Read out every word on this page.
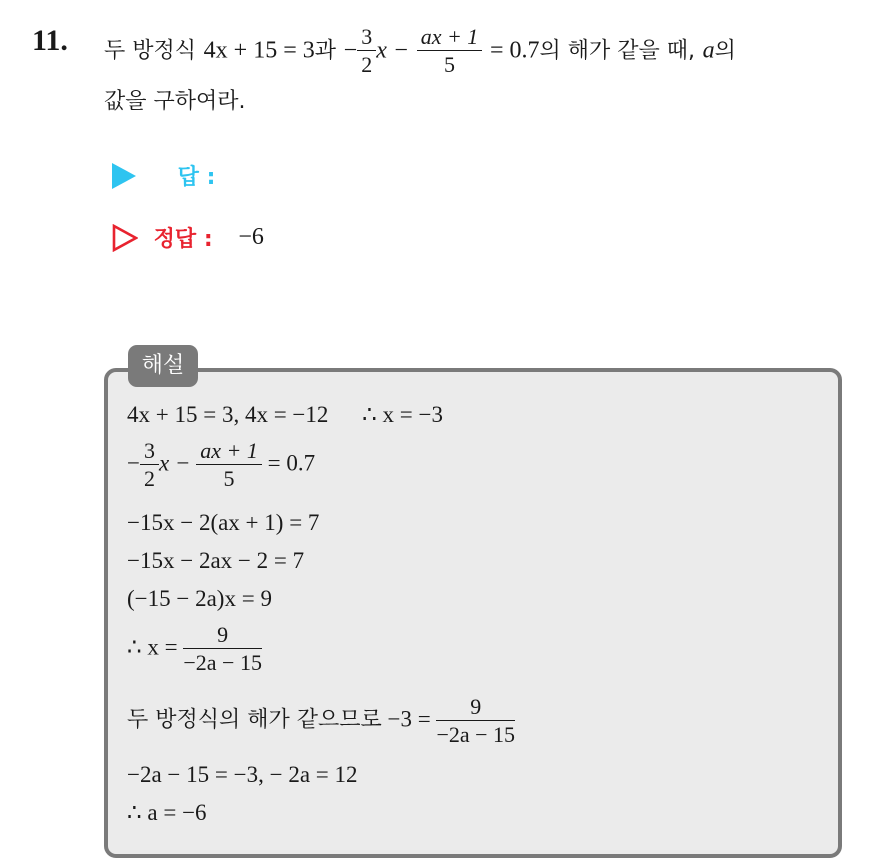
11. 두 방정식 4x + 15 = 3과 − $\frac{3}{2}$ $x - \frac{ax + 1}{5} = 0.7$의 해가 같을 때, a의
값을 구하여라.
답 :
정답 : −6
해설
4x + 15 = 3, 4x = −12 ∴ x = −3
− $\frac{3}{2}$ $x - \frac{ax + 1}{5} = 0.7$
−15x − 2(ax + 1) = 7
−15x − 2ax − 2 = 7
(−15 − 2a)x = 9
∴ $x = \frac{9}{-2a - 15}$
두 방정식의 해가 같으므로 $-3 = \frac{9}{-2a - 15}$
−2a − 15 = −3, − 2a = 12
∴ a = −6
